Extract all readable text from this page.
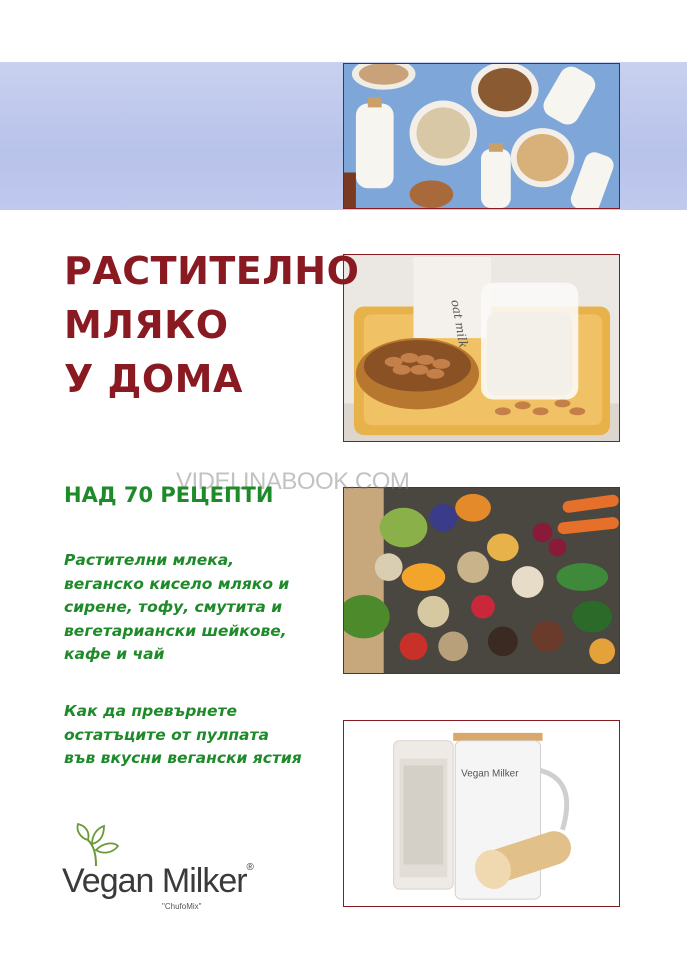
oat milk
Vegan Milker
РАСТИТЕЛНО
МЛЯКО
У ДОМА
VIDELINABOOK.COM
НАД 70 РЕЦЕПТИ
Растителни млека,
веганско кисело мляко и
сирене, тофу, смутита и
вегетариански шейкове,
кафе и чай
Как да превърнете
остатъците от пулпата
във вкусни вегански ястия
Vegan Milker®
"ChufoMix"
